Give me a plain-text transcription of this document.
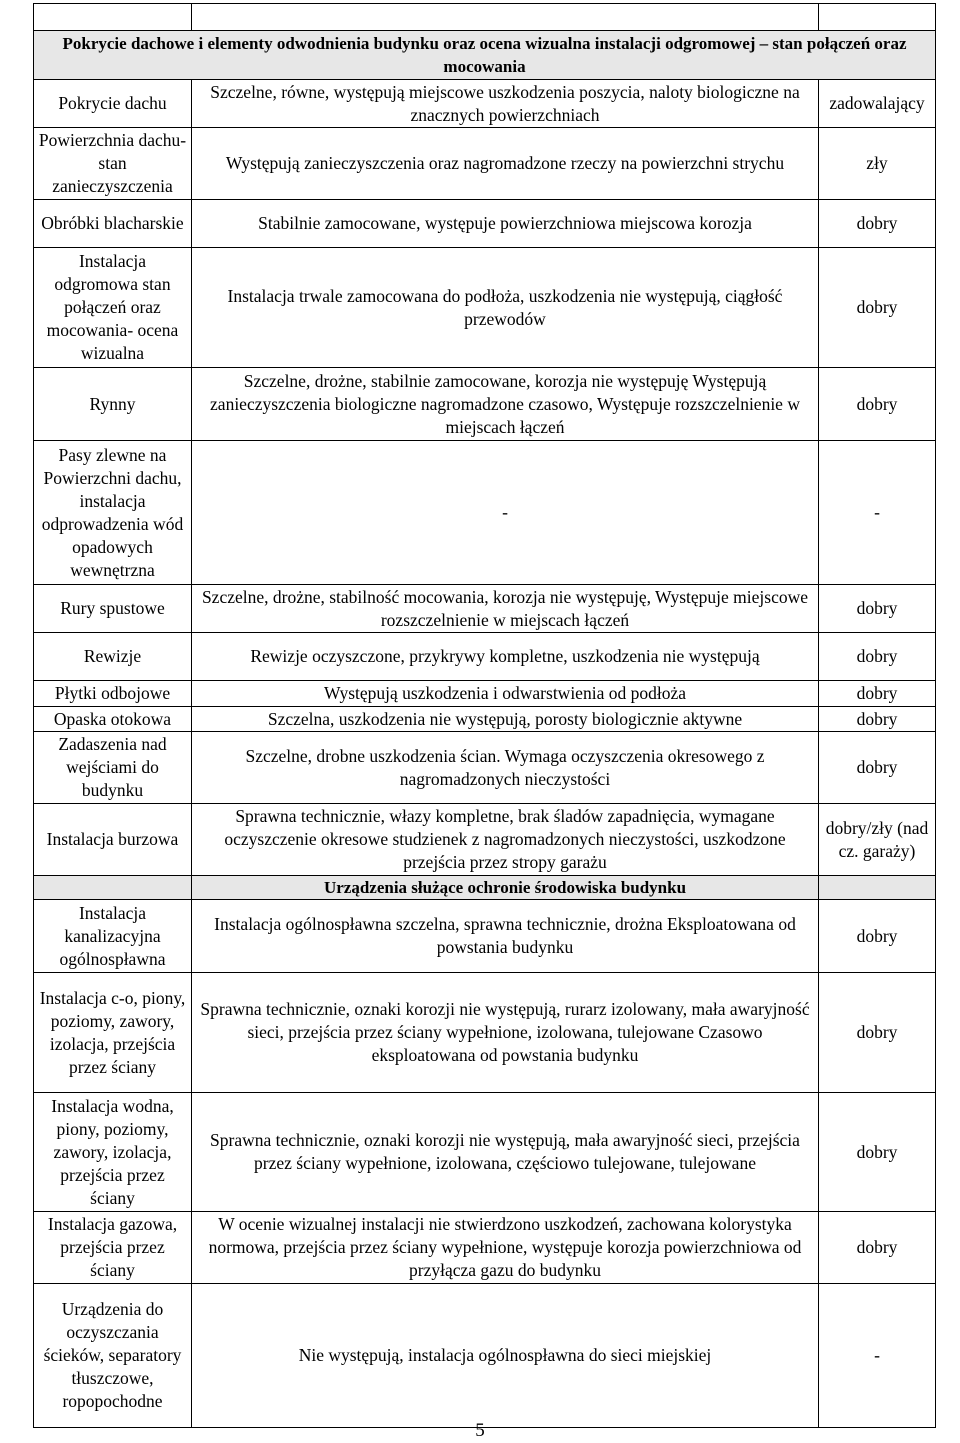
Pokrycie dachowe i elementy odwodnienia budynku oraz ocena wizualna instalacji odgromowej – stan połączeń oraz mocowania		
Pokrycie dachu	Szczelne, równe, występują miejscowe uszkodzenia poszycia, naloty biologiczne na znacznych powierzchniach	zadowalający
Powierzchnia dachu- stan zanieczyszczenia	Występują zanieczyszczenia oraz nagromadzone rzeczy na powierzchni strychu	zły
Obróbki blacharskie	Stabilnie zamocowane, występuje powierzchniowa miejscowa korozja	dobry
Instalacja odgromowa stan połączeń oraz mocowania- ocena wizualna	Instalacja trwale zamocowana do podłoża, uszkodzenia nie występują, ciągłość przewodów	dobry
Rynny	Szczelne, drożne, stabilnie zamocowane, korozja nie występuję Występują zanieczyszczenia biologiczne nagromadzone czasowo, Występuje rozszczelnienie w miejscach łączeń	dobry
Pasy zlewne na Powierzchni dachu, instalacja odprowadzenia wód opadowych wewnętrzna	-	-
Rury spustowe	Szczelne, drożne, stabilność mocowania, korozja nie występuję, Występuje miejscowe rozszczelnienie w miejscach łączeń	dobry
Rewizje	Rewizje oczyszczone, przykrywy kompletne, uszkodzenia nie występują	dobry
Płytki odbojowe	Występują uszkodzenia i odwarstwienia od podłoża	dobry
Opaska otokowa	Szczelna, uszkodzenia nie występują, porosty biologicznie aktywne	dobry
Zadaszenia nad wejściami do budynku	Szczelne, drobne uszkodzenia ścian. Wymaga oczyszczenia okresowego z nagromadzonych nieczystości	dobry
Instalacja burzowa	Sprawna technicznie, włazy kompletne, brak śladów zapadnięcia, wymagane oczyszczenie okresowe studzienek z nagromadzonych nieczystości, uszkodzone przejścia przez stropy garażu	dobry/zły (nad cz. garaży)
	Urządzenia służące ochronie środowiska budynku	
Instalacja kanalizacyjna ogólnospławna	Instalacja ogólnospławna szczelna, sprawna technicznie, drożna Eksploatowana od powstania budynku	dobry
Instalacja c-o, piony, poziomy, zawory, izolacja, przejścia przez ściany	Sprawna technicznie, oznaki korozji nie występują, rurarz izolowany, mała awaryjność sieci, przejścia przez ściany wypełnione, izolowana, tulejowane Czasowo eksploatowana od powstania budynku	dobry
Instalacja wodna, piony, poziomy, zawory, izolacja, przejścia przez ściany	Sprawna technicznie, oznaki korozji nie występują, mała awaryjność sieci, przejścia przez ściany wypełnione, izolowana, częściowo tulejowane, tulejowane	dobry
Instalacja gazowa, przejścia przez ściany	W ocenie wizualnej instalacji nie stwierdzono uszkodzeń, zachowana kolorystyka normowa, przejścia przez ściany wypełnione, występuje korozja powierzchniowa od przyłącza gazu do budynku	dobry
Urządzenia do oczyszczania ścieków, separatory tłuszczowe, ropopochodne	Nie występują, instalacja ogólnospławna do sieci miejskiej	-
5
